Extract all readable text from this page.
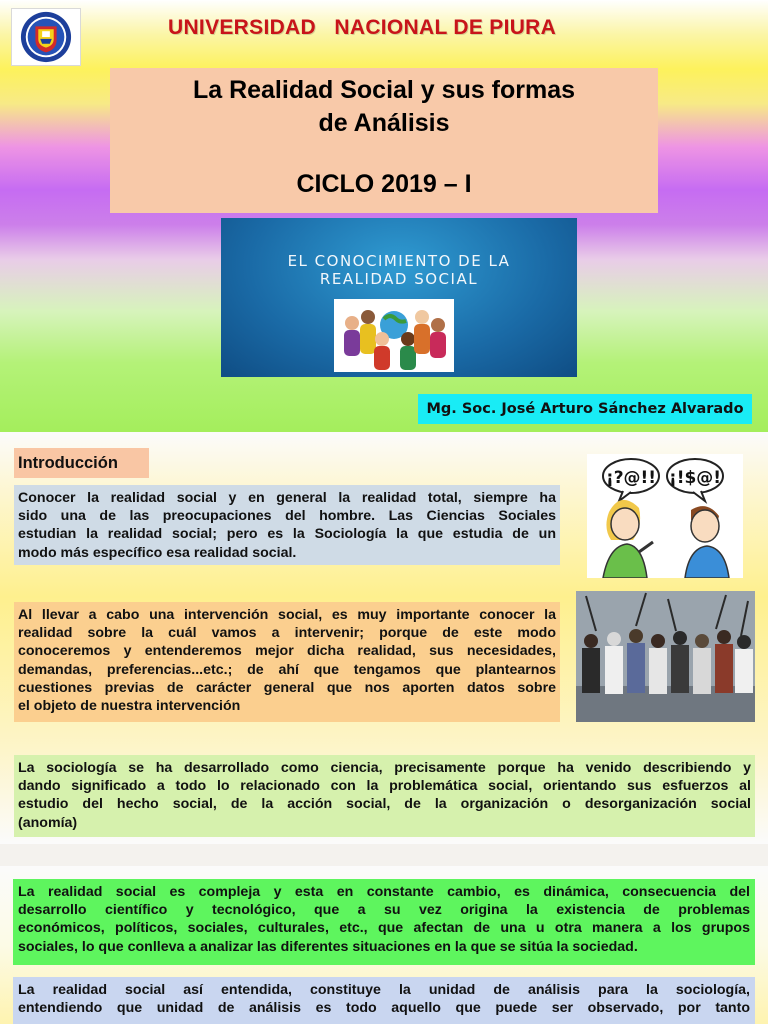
UNIVERSIDAD   NACIONAL DE PIURA
La Realidad Social y sus formas
de Análisis
CICLO 2019 – I
EL CONOCIMIENTO DE LA
REALIDAD SOCIAL
Mg. Soc. José Arturo Sánchez Alvarado
Introducción
Conocer la realidad social y en general la realidad total, siempre ha
sido una de las preocupaciones del hombre. Las Ciencias Sociales
estudian la realidad social; pero es la Sociología la que estudia de un
modo más específico esa realidad social.
Al llevar a cabo una intervención social, es muy importante conocer la
realidad sobre la cuál vamos a intervenir; porque de este modo
conoceremos y entenderemos mejor dicha realidad, sus necesidades,
demandas, preferencias...etc.; de ahí que tengamos que plantearnos
cuestiones previas de carácter general que nos aporten datos sobre
el objeto de nuestra intervención
La sociología se ha desarrollado como ciencia, precisamente porque ha venido describiendo y
dando significado a todo lo relacionado con la problemática social, orientando sus esfuerzos al
estudio del hecho social, de la acción social, de la organización o desorganización social
(anomía)
¡?@!! ¡!$@!
La realidad social es compleja y esta en constante cambio, es dinámica, consecuencia del
desarrollo científico y tecnológico, que a su vez origina la existencia de problemas
económicos, políticos, sociales, culturales, etc., que afectan de una u otra manera a los grupos
sociales, lo que conlleva a analizar las diferentes situaciones en la que se sitúa la sociedad.
La realidad social así entendida, constituye la unidad de análisis para la sociología,
entendiendo que unidad de análisis es todo aquello que puede ser observado, por tanto
